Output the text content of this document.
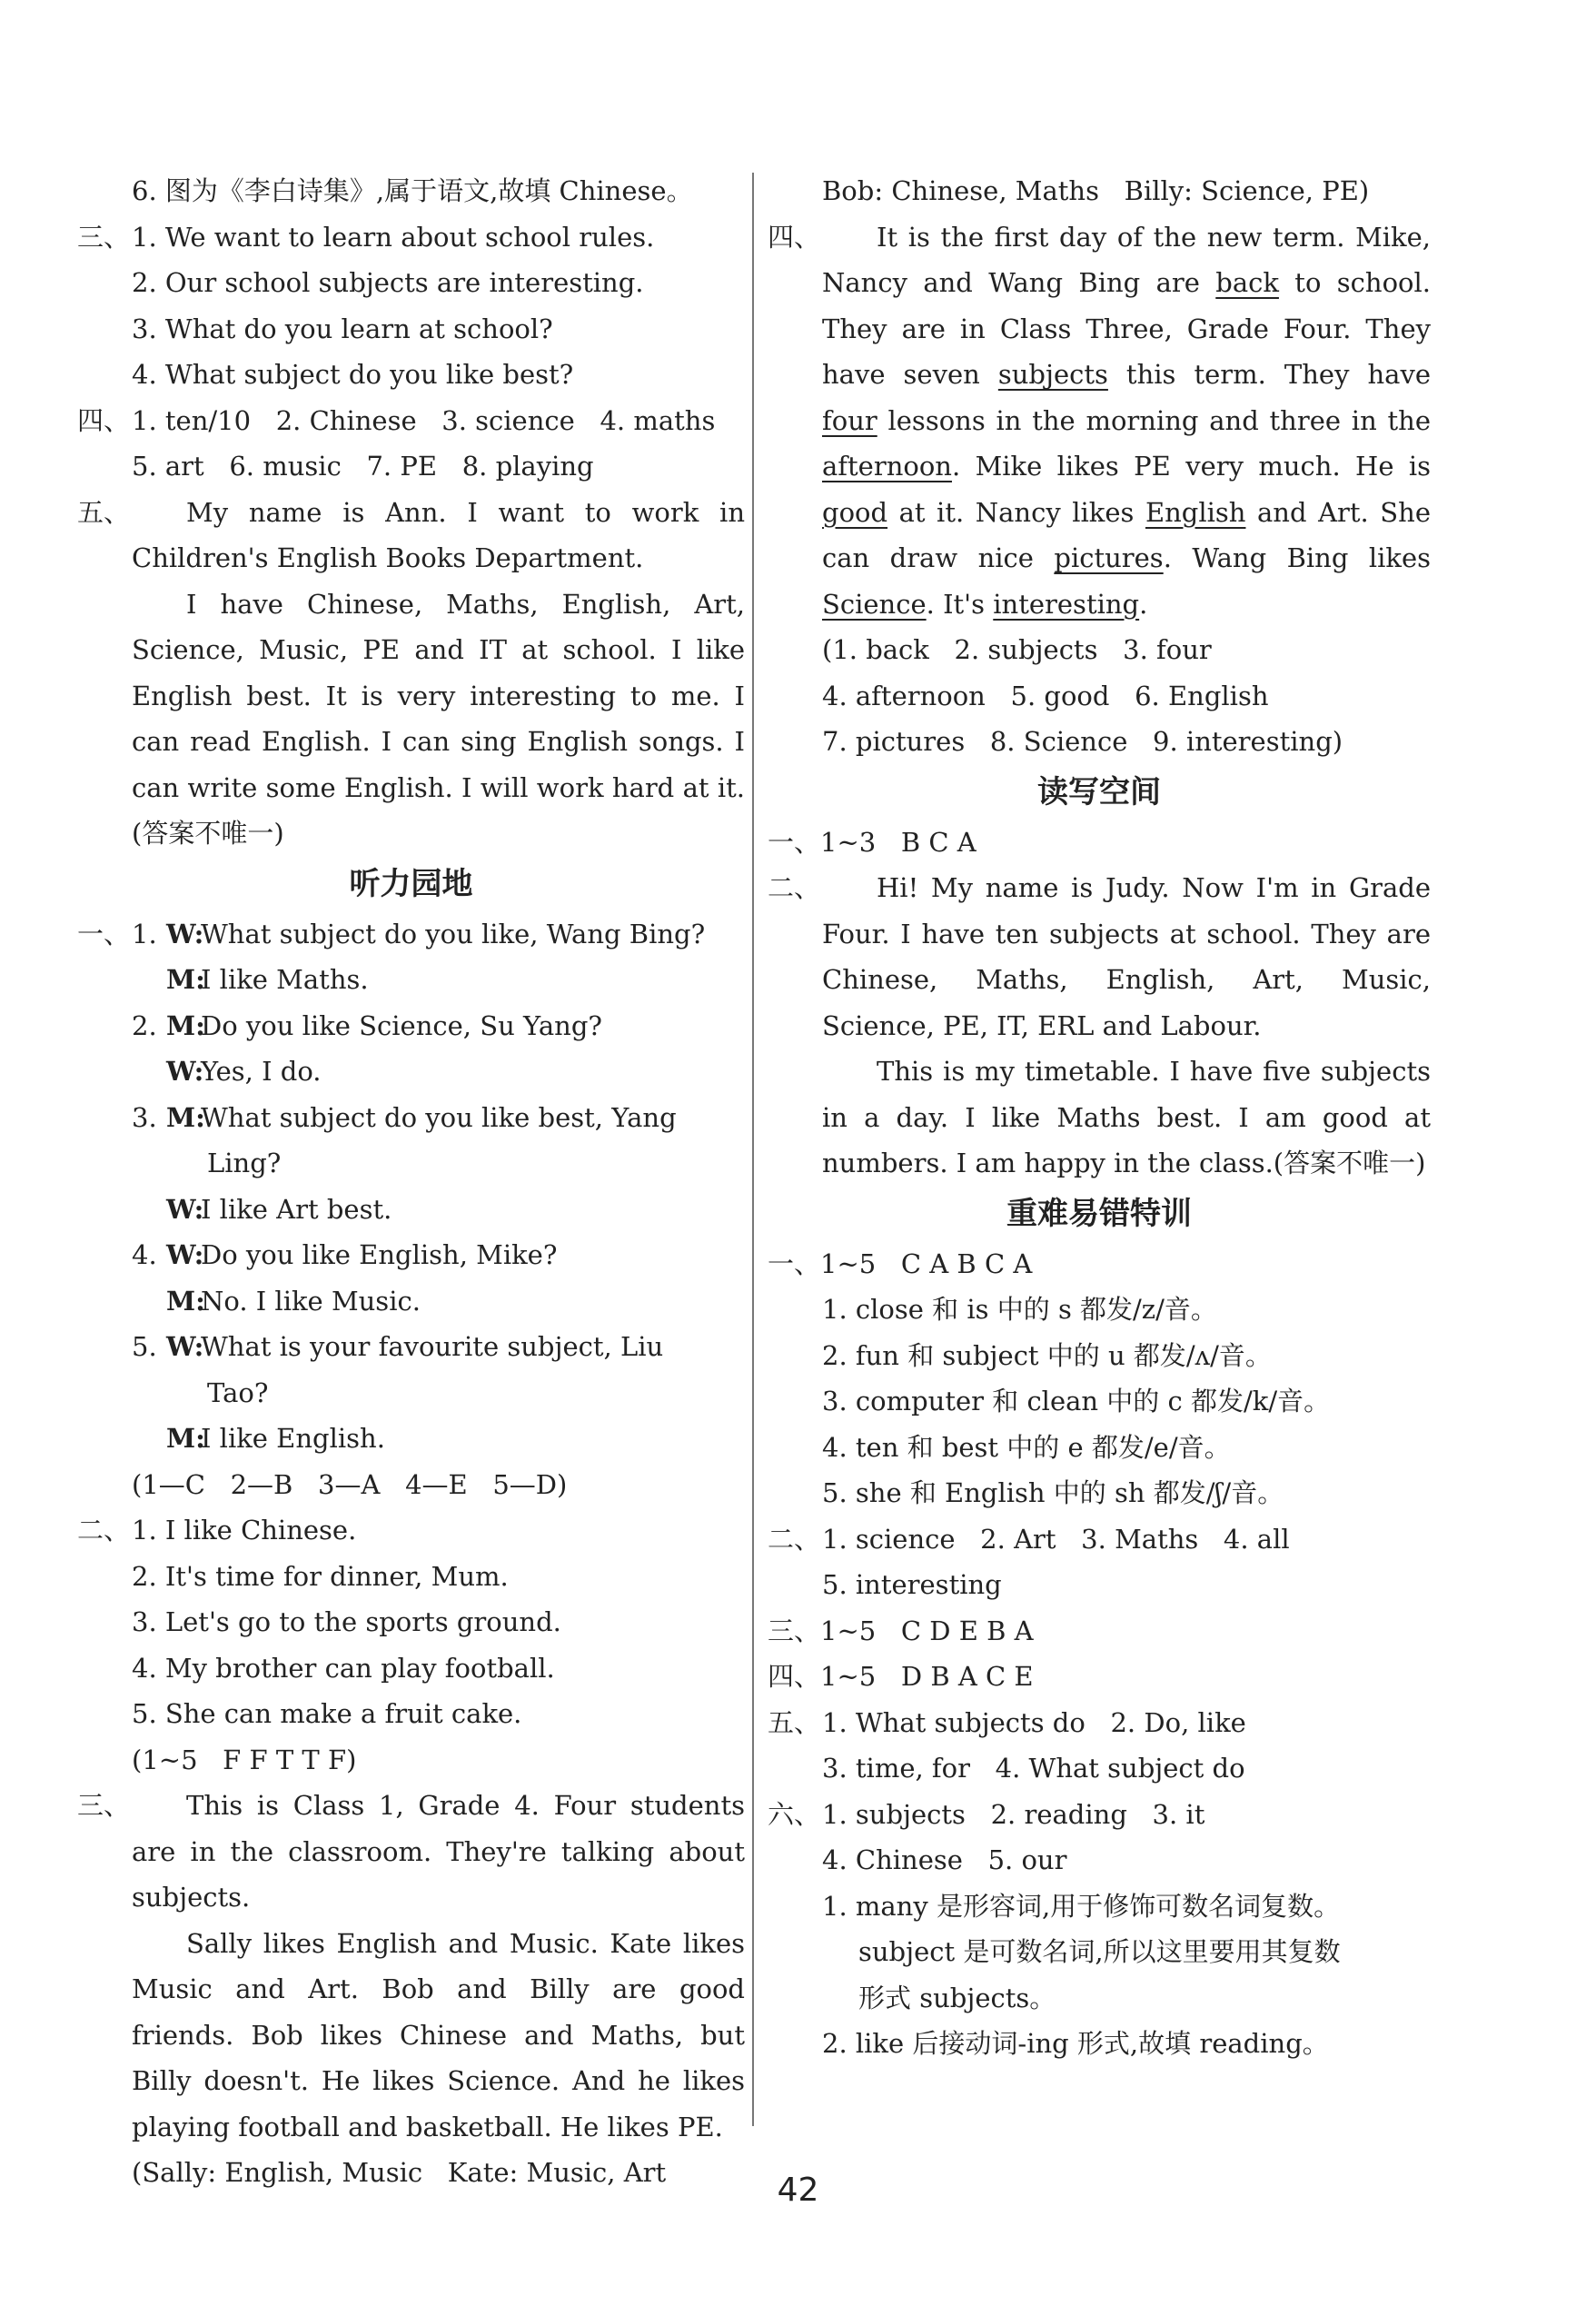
6. 图为《李白诗集》,属于语文,故填 Chinese。
三、1. We want to learn about school rules.
2. Our school subjects are interesting.
3. What do you learn at school?
4. What subject do you like best?
四、1. ten/10   2. Chinese   3. science   4. maths
5. art   6. music   7. PE   8. playing
五、	My name is Ann. I want to work in Children's English Books Department.
I have Chinese, Maths, English, Art, Science, Music, PE and IT at school. I like English best. It is very interesting to me. I can read English. I can sing English songs. I can write some English. I will work hard at it.(答案不唯一)
听力园地
一、1. W:What subject do you like, Wang Bing?
M:I like Maths.
2. M:Do you like Science, Su Yang?
W:Yes, I do.
3. M:What subject do you like best, Yang
Ling?
W:I like Art best.
4. W:Do you like English, Mike?
M:No. I like Music.
5. W:What is your favourite subject, Liu
Tao?
M:I like English.
(1—C   2—B   3—A   4—E   5—D)
二、1. I like Chinese.
2. It's time for dinner, Mum.
3. Let's go to the sports ground.
4. My brother can play football.
5. She can make a fruit cake.
(1~5   F F T T F)
三、	This is Class 1, Grade 4. Four students are in the classroom. They're talking about subjects.
Sally likes English and Music. Kate likes Music and Art. Bob and Billy are good friends. Bob likes Chinese and Maths, but Billy doesn't. He likes Science. And he likes playing football and basketball. He likes PE.
(Sally: English, Music   Kate: Music, Art
Bob: Chinese, Maths   Billy: Science, PE)
四、	It is the first day of the new term. Mike, Nancy and Wang Bing are back to school. They are in Class Three, Grade Four. They have seven subjects this term. They have four lessons in the morning and three in the afternoon. Mike likes PE very much. He is good at it. Nancy likes English and Art. She can draw nice pictures. Wang Bing likes Science. It's interesting.
(1. back   2. subjects   3. four
4. afternoon   5. good   6. English
7. pictures   8. Science   9. interesting)
读写空间
一、1~3   B C A
二、	Hi! My name is Judy. Now I'm in Grade Four. I have ten subjects at school. They are Chinese, Maths, English, Art, Music, Science, PE, IT, ERL and Labour.
This is my timetable. I have five subjects in a day. I like Maths best. I am good at numbers. I am happy in the class.(答案不唯一)
重难易错特训
一、1~5   C A B C A
1. close 和 is 中的 s 都发/z/音。
2. fun 和 subject 中的 u 都发/ʌ/音。
3. computer 和 clean 中的 c 都发/k/音。
4. ten 和 best 中的 e 都发/e/音。
5. she 和 English 中的 sh 都发/ʃ/音。
二、1. science   2. Art   3. Maths   4. all
5. interesting
三、1~5   C D E B A
四、1~5   D B A C E
五、1. What subjects do   2. Do, like
3. time, for   4. What subject do
六、1. subjects   2. reading   3. it
4. Chinese   5. our
1. many 是形容词,用于修饰可数名词复数。
subject 是可数名词,所以这里要用其复数
形式 subjects。
2. like 后接动词-ing 形式,故填 reading。
42
